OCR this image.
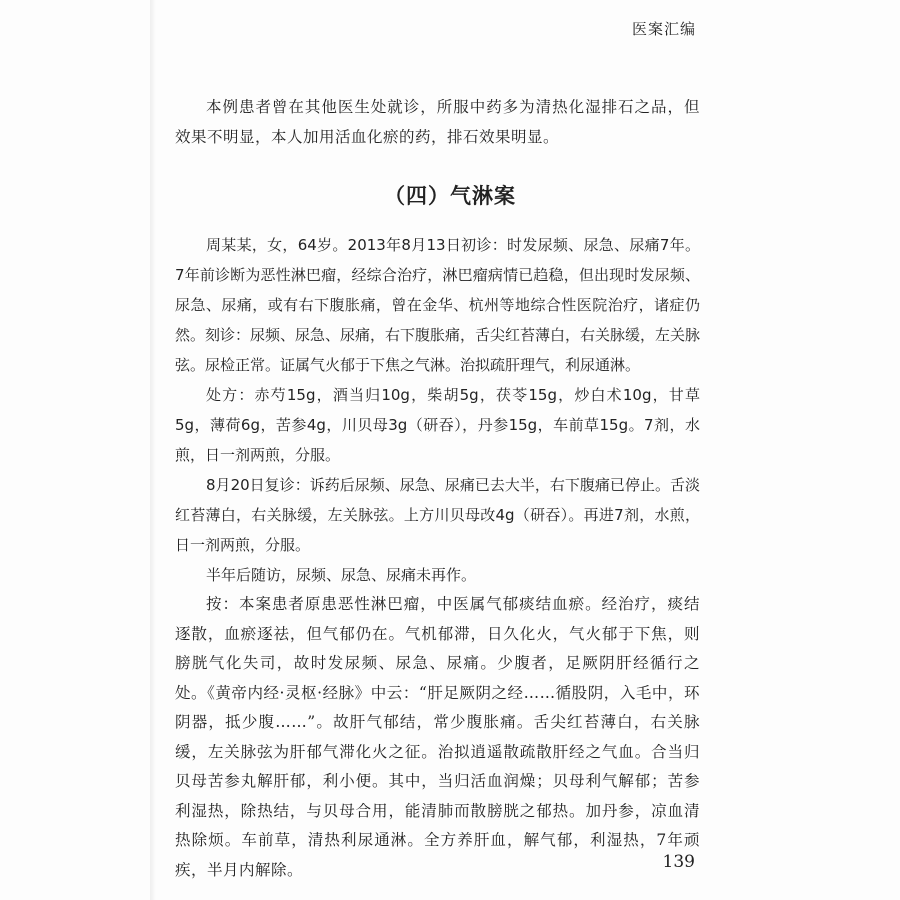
医案汇编

本例患者曾在其他医生处就诊，所服中药多为清热化湿排石之品，但效果不明显，本人加用活血化瘀的药，排石效果明显。

（四）气淋案

周某某，女，64岁。2013年8月13日初诊：时发尿频、尿急、尿痛7年。7年前诊断为恶性淋巴瘤，经综合治疗，淋巴瘤病情已趋稳，但出现时发尿频、尿急、尿痛，或有右下腹胀痛，曾在金华、杭州等地综合性医院治疗，诸症仍然。刻诊：尿频、尿急、尿痛，右下腹胀痛，舌尖红苔薄白，右关脉缓，左关脉弦。尿检正常。证属气火郁于下焦之气淋。治拟疏肝理气，利尿通淋。

处方：赤芍15g，酒当归10g，柴胡5g，茯苓15g，炒白术10g，甘草5g，薄荷6g，苦参4g，川贝母3g（研吞），丹参15g，车前草15g。7剂，水煎，日一剂两煎，分服。

8月20日复诊：诉药后尿频、尿急、尿痛已去大半，右下腹痛已停止。舌淡红苔薄白，右关脉缓，左关脉弦。上方川贝母改4g（研吞）。再进7剂，水煎，日一剂两煎，分服。

半年后随访，尿频、尿急、尿痛未再作。

按：本案患者原患恶性淋巴瘤，中医属气郁痰结血瘀。经治疗，痰结逐散，血瘀逐祛，但气郁仍在。气机郁滞，日久化火，气火郁于下焦，则膀胱气化失司，故时发尿频、尿急、尿痛。少腹者，足厥阴肝经循行之处。《黄帝内经·灵枢·经脉》中云：“肝足厥阴之经……循股阴，入毛中，环阴器，抵少腹……”。故肝气郁结，常少腹胀痛。舌尖红苔薄白，右关脉缓，左关脉弦为肝郁气滞化火之征。治拟逍遥散疏散肝经之气血。合当归贝母苦参丸解肝郁，利小便。其中，当归活血润燥；贝母利气解郁；苦参利湿热，除热结，与贝母合用，能清肺而散膀胱之郁热。加丹参，凉血清热除烦。车前草，清热利尿通淋。全方养肝血，解气郁，利湿热，7年顽疾，半月内解除。	139
